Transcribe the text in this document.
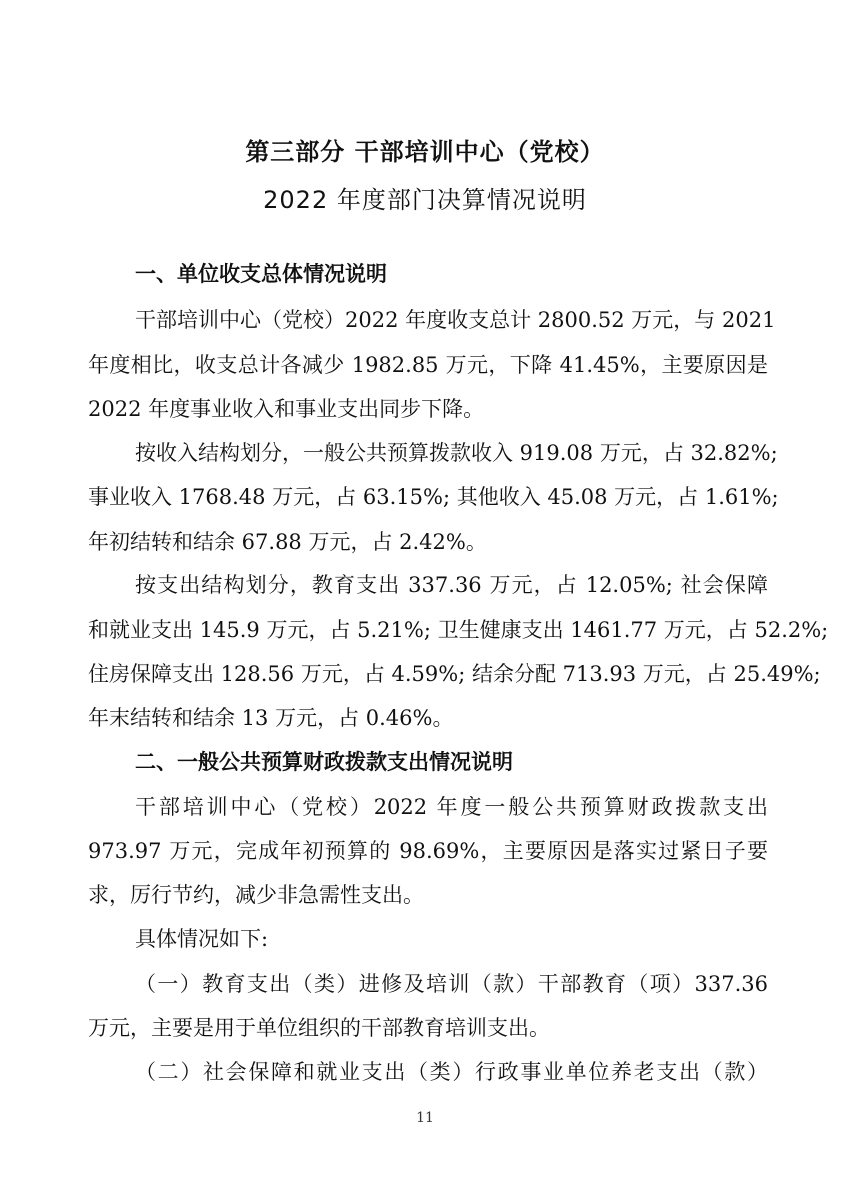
第三部分 干部培训中心（党校）
2022 年度部门决算情况说明
一、单位收支总体情况说明
干部培训中心（党校）2022 年度收支总计 2800.52 万元，与 2021
年度相比，收支总计各减少 1982.85 万元，下降 41.45%，主要原因是
2022 年度事业收入和事业支出同步下降。
按收入结构划分，一般公共预算拨款收入 919.08 万元，占 32.82%;
事业收入 1768.48 万元，占 63.15%; 其他收入 45.08 万元，占 1.61%;
年初结转和结余 67.88 万元，占 2.42%。
按支出结构划分，教育支出 337.36 万元，占 12.05%; 社会保障
和就业支出 145.9 万元，占 5.21%; 卫生健康支出 1461.77 万元，占 52.2%;
住房保障支出 128.56 万元，占 4.59%; 结余分配 713.93 万元，占 25.49%;
年末结转和结余 13 万元，占 0.46%。
二、一般公共预算财政拨款支出情况说明
干部培训中心（党校）2022 年度一般公共预算财政拨款支出
973.97 万元，完成年初预算的 98.69%，主要原因是落实过紧日子要
求，厉行节约，减少非急需性支出。
具体情况如下:
（一）教育支出（类）进修及培训（款）干部教育（项）337.36
万元，主要是用于单位组织的干部教育培训支出。
（二）社会保障和就业支出（类）行政事业单位养老支出（款）
11
